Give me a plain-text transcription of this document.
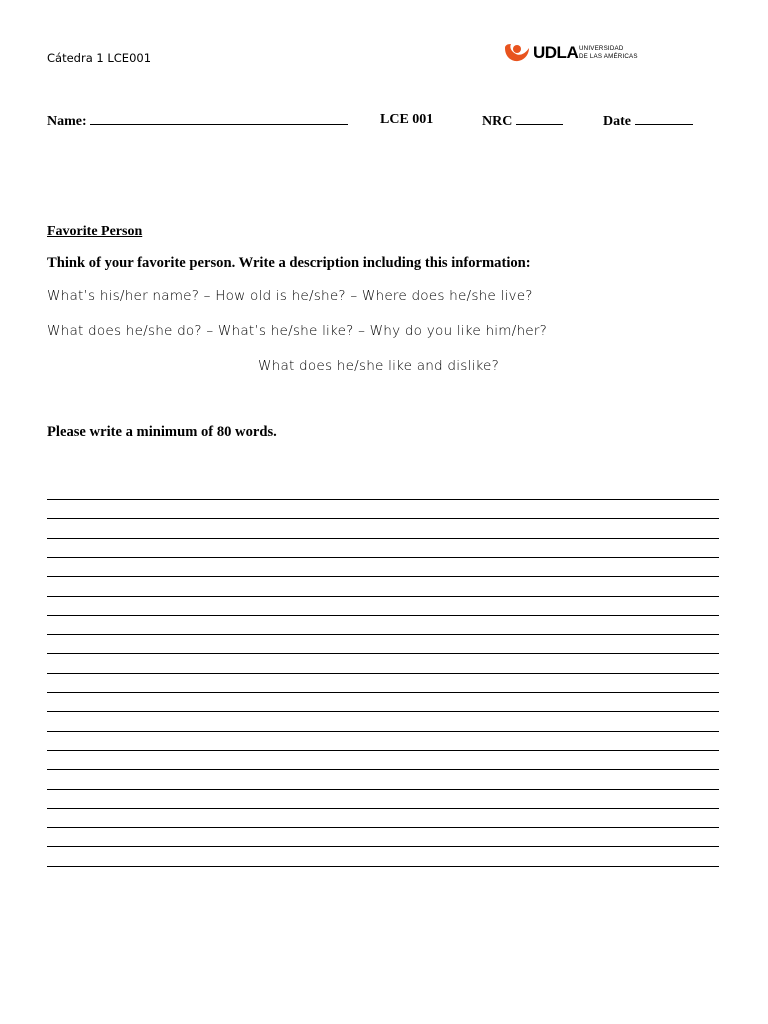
Cátedra 1 LCE001	UDLA UNIVERSIDAD
DE LAS AMÉRICAS
Name:	LCE 001	NRC	Date
Favorite Person
Think of your favorite person. Write a description including this information:
What’s his/her name? – How old is he/she? – Where does he/she live?
What does he/she do? – What’s he/she like? – Why do you like him/her?
What does he/she like and dislike?
Please write a minimum of 80 words.
